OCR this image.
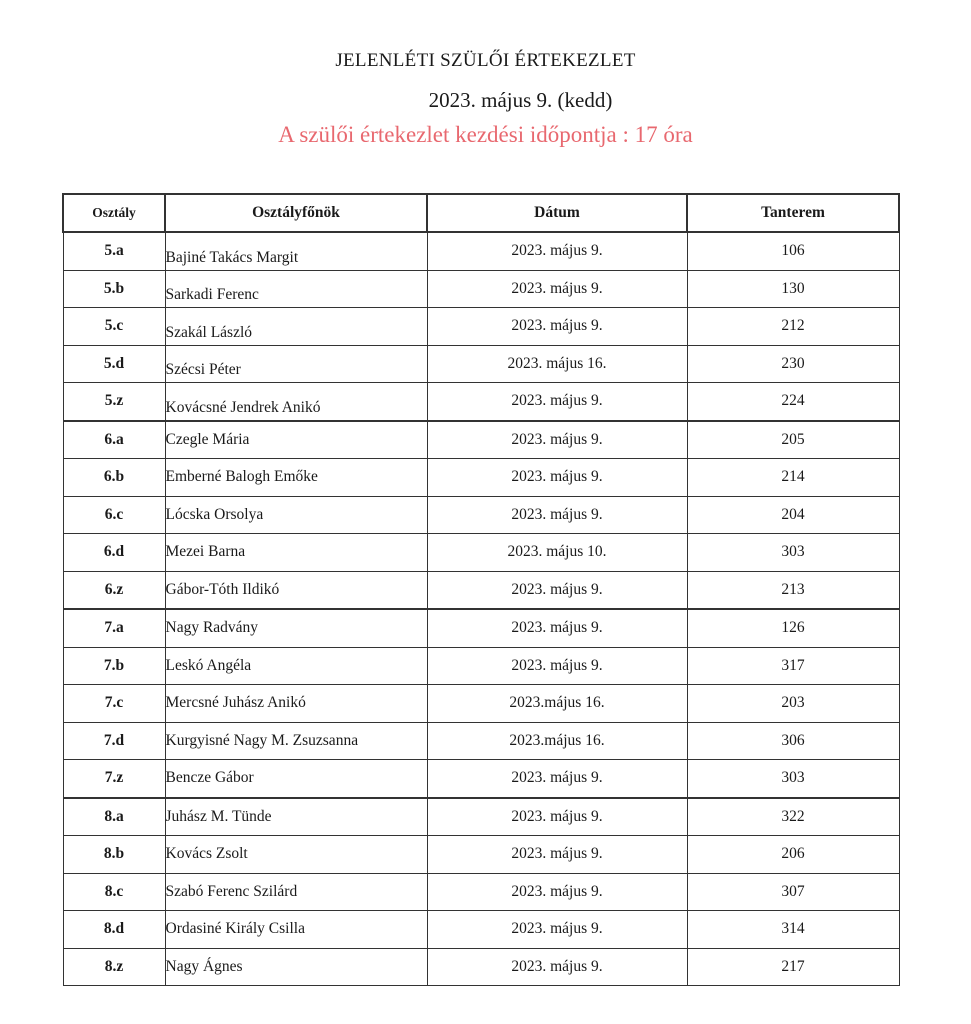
JELENLÉTI SZÜLŐI ÉRTEKEZLET
2023. május 9. (kedd)
A szülői értekezlet kezdési időpontja : 17 óra
Osztály	Osztályfőnök	Dátum	Tanterem
5.a	Bajiné Takács Margit	2023. május 9.	106
5.b	Sarkadi Ferenc	2023. május 9.	130
5.c	Szakál László	2023. május 9.	212
5.d	Szécsi Péter	2023. május 16.	230
5.z	Kovácsné Jendrek Anikó	2023. május 9.	224
6.a	Czegle Mária	2023. május 9.	205
6.b	Emberné Balogh Emőke	2023. május 9.	214
6.c	Lócska Orsolya	2023. május 9.	204
6.d	Mezei Barna	2023. május 10.	303
6.z	Gábor-Tóth Ildikó	2023. május 9.	213
7.a	Nagy Radvány	2023. május 9.	126
7.b	Leskó Angéla	2023. május 9.	317
7.c	Mercsné Juhász Anikó	2023.május 16.	203
7.d	Kurgyisné Nagy M. Zsuzsanna	2023.május 16.	306
7.z	Bencze Gábor	2023. május 9.	303
8.a	Juhász M. Tünde	2023. május 9.	322
8.b	Kovács Zsolt	2023. május 9.	206
8.c	Szabó Ferenc Szilárd	2023. május 9.	307
8.d	Ordasiné Király Csilla	2023. május 9.	314
8.z	Nagy Ágnes	2023. május 9.	217
